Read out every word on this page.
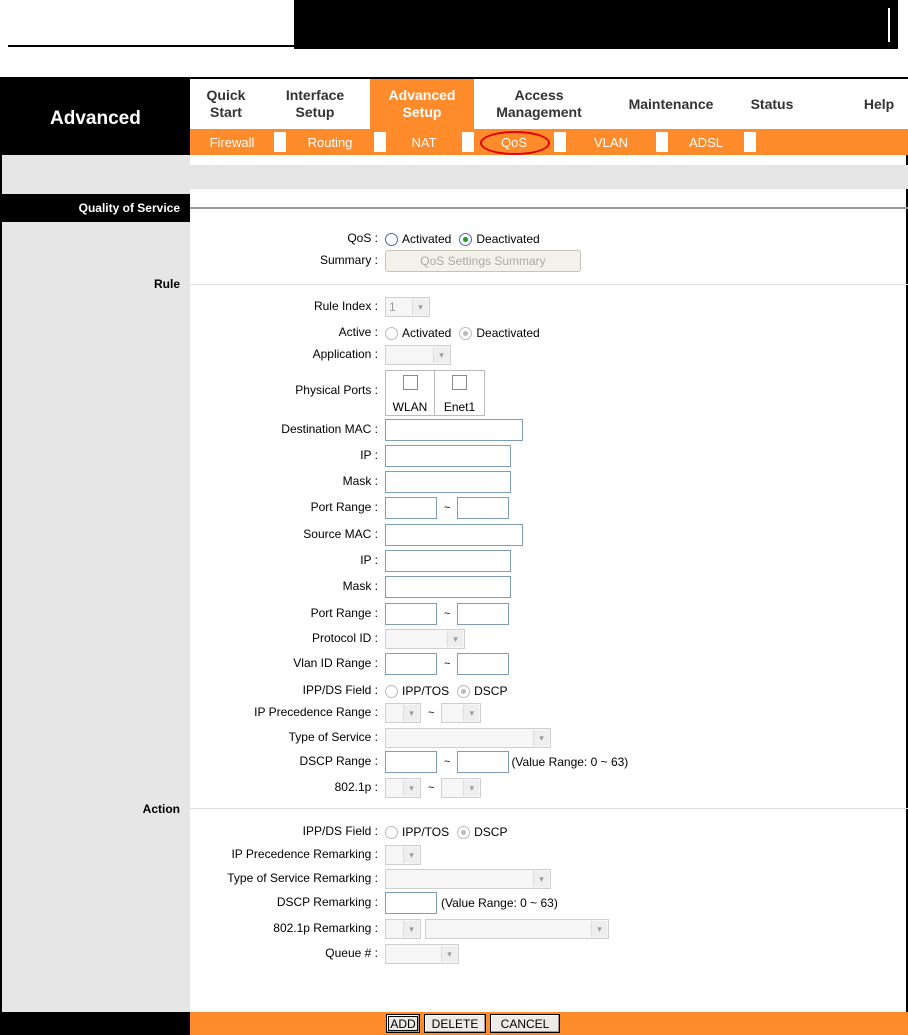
Advanced
Quick
Start
Interface
Setup
Advanced
Setup
Access
Management
Maintenance	Status	Help
Firewall	Routing	NAT	QoS	VLAN	ADSL
Quality of Service
QoS : Activated Deactivated
Summary :	QoS Settings Summary
Rule
Rule Index : 1	▾
Active : Activated Deactivated
Application :	▾
Physical Ports :
WLAN Enet1
Destination MAC :
IP :
Mask :
Port Range :	~
Source MAC :
IP :
Mask :
Port Range :	~
Protocol ID :	▾
Vlan ID Range :	~
IPP/DS Field : IPP/TOS DSCP
IP Precedence Range :	▾	~	▾
Type of Service :	▾
DSCP Range :	~	(Value Range: 0 ~ 63)
802.1p :	▾	~	▾
Action
IPP/DS Field : IPP/TOS DSCP
IP Precedence Remarking :	▾
Type of Service Remarking :	▾
DSCP Remarking :	(Value Range: 0 ~ 63)
802.1p Remarking :	▾	▾
Queue # :	▾
ADD	DELETE	CANCEL
